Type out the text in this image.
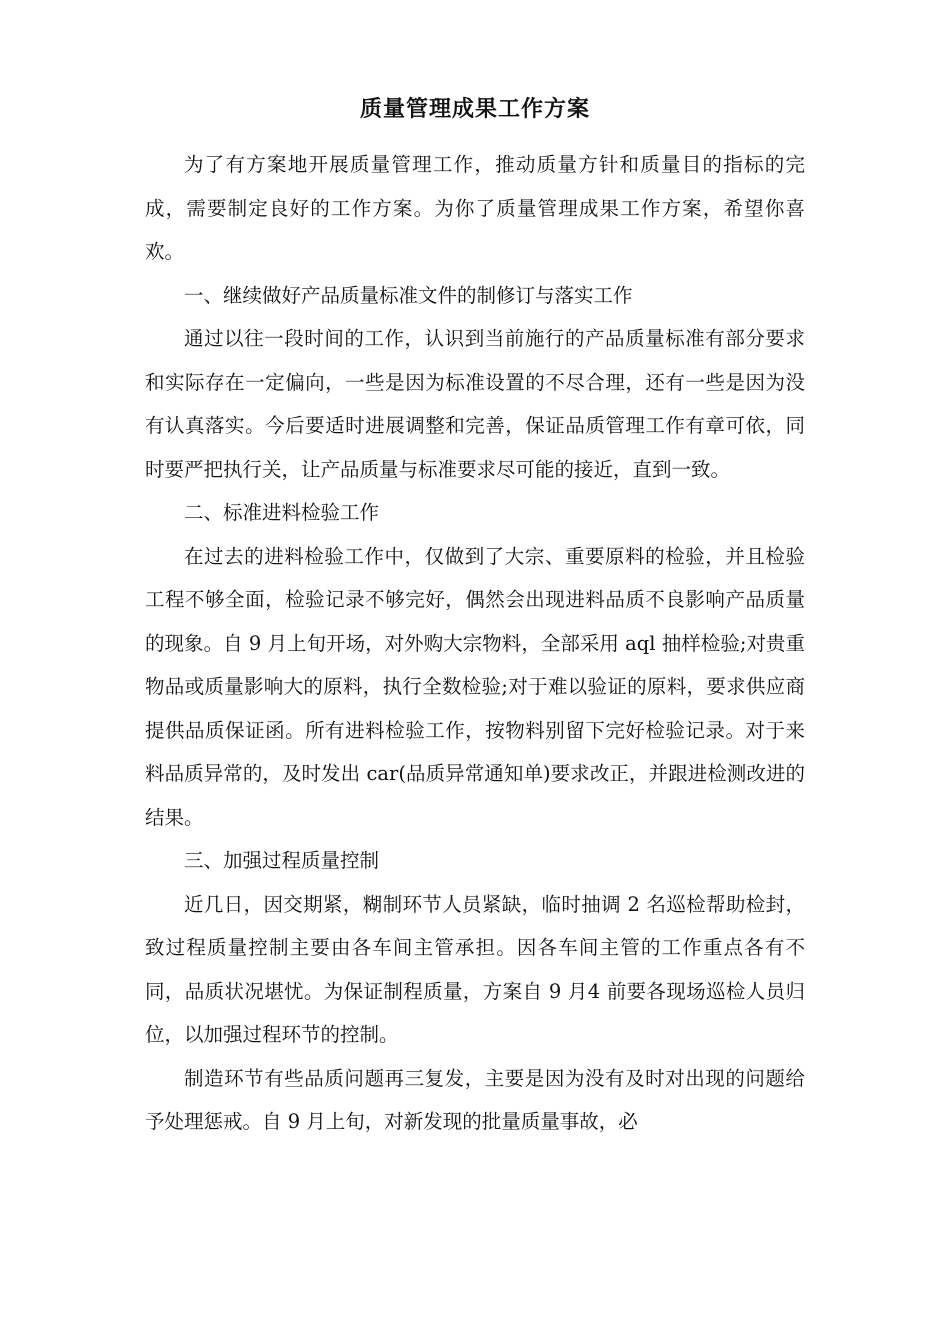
质量管理成果工作方案

为了有方案地开展质量管理工作，推动质量方针和质量目的指标的完成，需要制定良好的工作方案。为你了质量管理成果工作方案，希望你喜欢。

一、继续做好产品质量标准文件的制修订与落实工作

通过以往一段时间的工作，认识到当前施行的产品质量标准有部分要求和实际存在一定偏向，一些是因为标准设置的不尽合理，还有一些是因为没有认真落实。今后要适时进展调整和完善，保证品质管理工作有章可依，同时要严把执行关，让产品质量与标准要求尽可能的接近，直到一致。

二、标准进料检验工作

在过去的进料检验工作中，仅做到了大宗、重要原料的检验，并且检验工程不够全面，检验记录不够完好，偶然会出现进料品质不良影响产品质量的现象。自 9 月上旬开场，对外购大宗物料，全部采用 aql 抽样检验;对贵重物品或质量影响大的原料，执行全数检验;对于难以验证的原料，要求供应商提供品质保证函。所有进料检验工作，按物料别留下完好检验记录。对于来料品质异常的，及时发出 car(品质异常通知单)要求改正，并跟进检测改进的结果。

三、加强过程质量控制

近几日，因交期紧，糊制环节人员紧缺，临时抽调 2 名巡检帮助检封，致过程质量控制主要由各车间主管承担。因各车间主管的工作重点各有不同，品质状况堪忧。为保证制程质量，方案自 9 月4 前要各现场巡检人员归位，以加强过程环节的控制。

制造环节有些品质问题再三复发，主要是因为没有及时对出现的问题给予处理惩戒。自 9 月上旬，对新发现的批量质量事故，必
